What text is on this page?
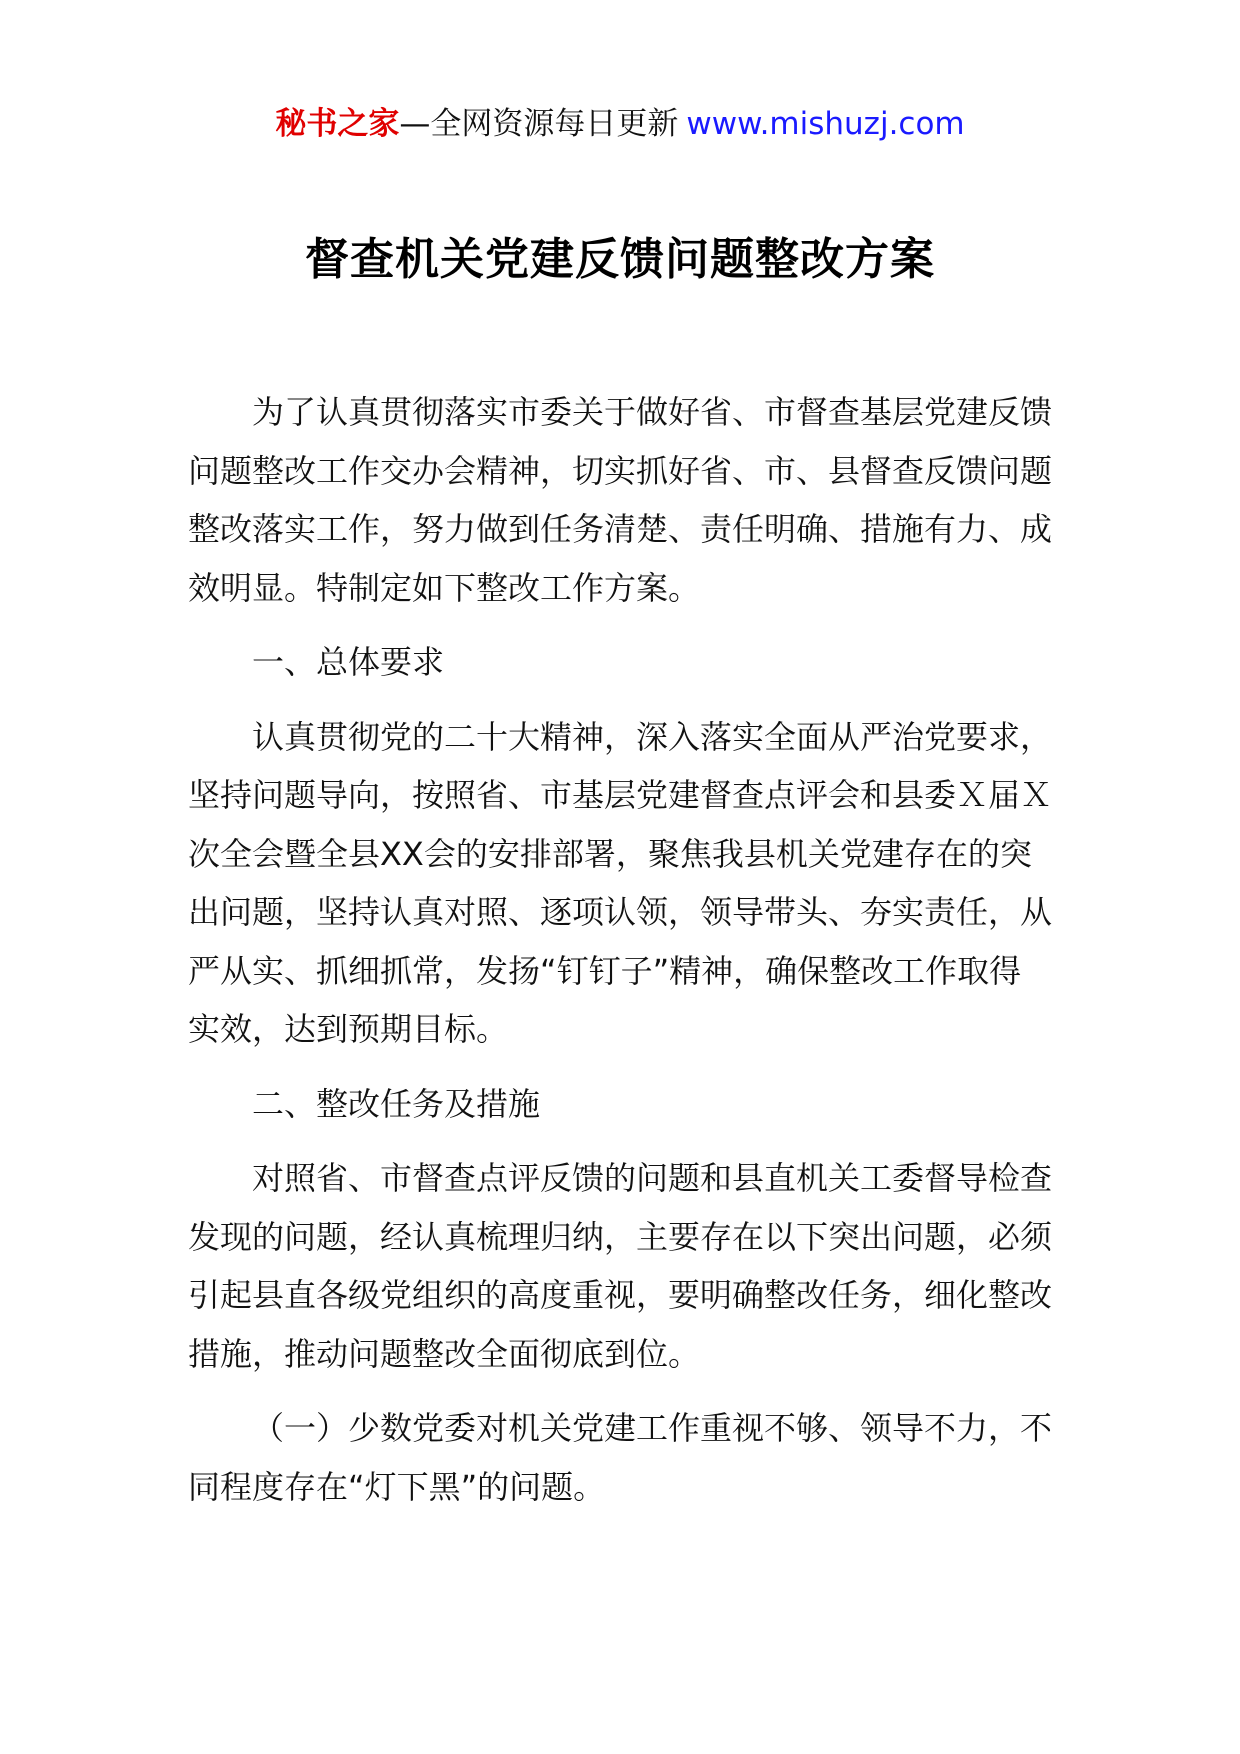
秘书之家—全网资源每日更新 www.mishuzj.com
督查机关党建反馈问题整改方案

为了认真贯彻落实市委关于做好省、市督查基层党建反馈问题整改工作交办会精神，切实抓好省、市、县督查反馈问题整改落实工作，努力做到任务清楚、责任明确、措施有力、成效明显。特制定如下整改工作方案。

一、总体要求

认真贯彻党的二十大精神，深入落实全面从严治党要求，坚持问题导向，按照省、市基层党建督查点评会和县委Ｘ届Ｘ次全会暨全县XX会的安排部署，聚焦我县机关党建存在的突出问题，坚持认真对照、逐项认领，领导带头、夯实责任，从严从实、抓细抓常，发扬“钉钉子”精神，确保整改工作取得实效，达到预期目标。

二、整改任务及措施

对照省、市督查点评反馈的问题和县直机关工委督导检查发现的问题，经认真梳理归纳，主要存在以下突出问题，必须引起县直各级党组织的高度重视，要明确整改任务，细化整改措施，推动问题整改全面彻底到位。

（一）少数党委对机关党建工作重视不够、领导不力，不同程度存在“灯下黑”的问题。
